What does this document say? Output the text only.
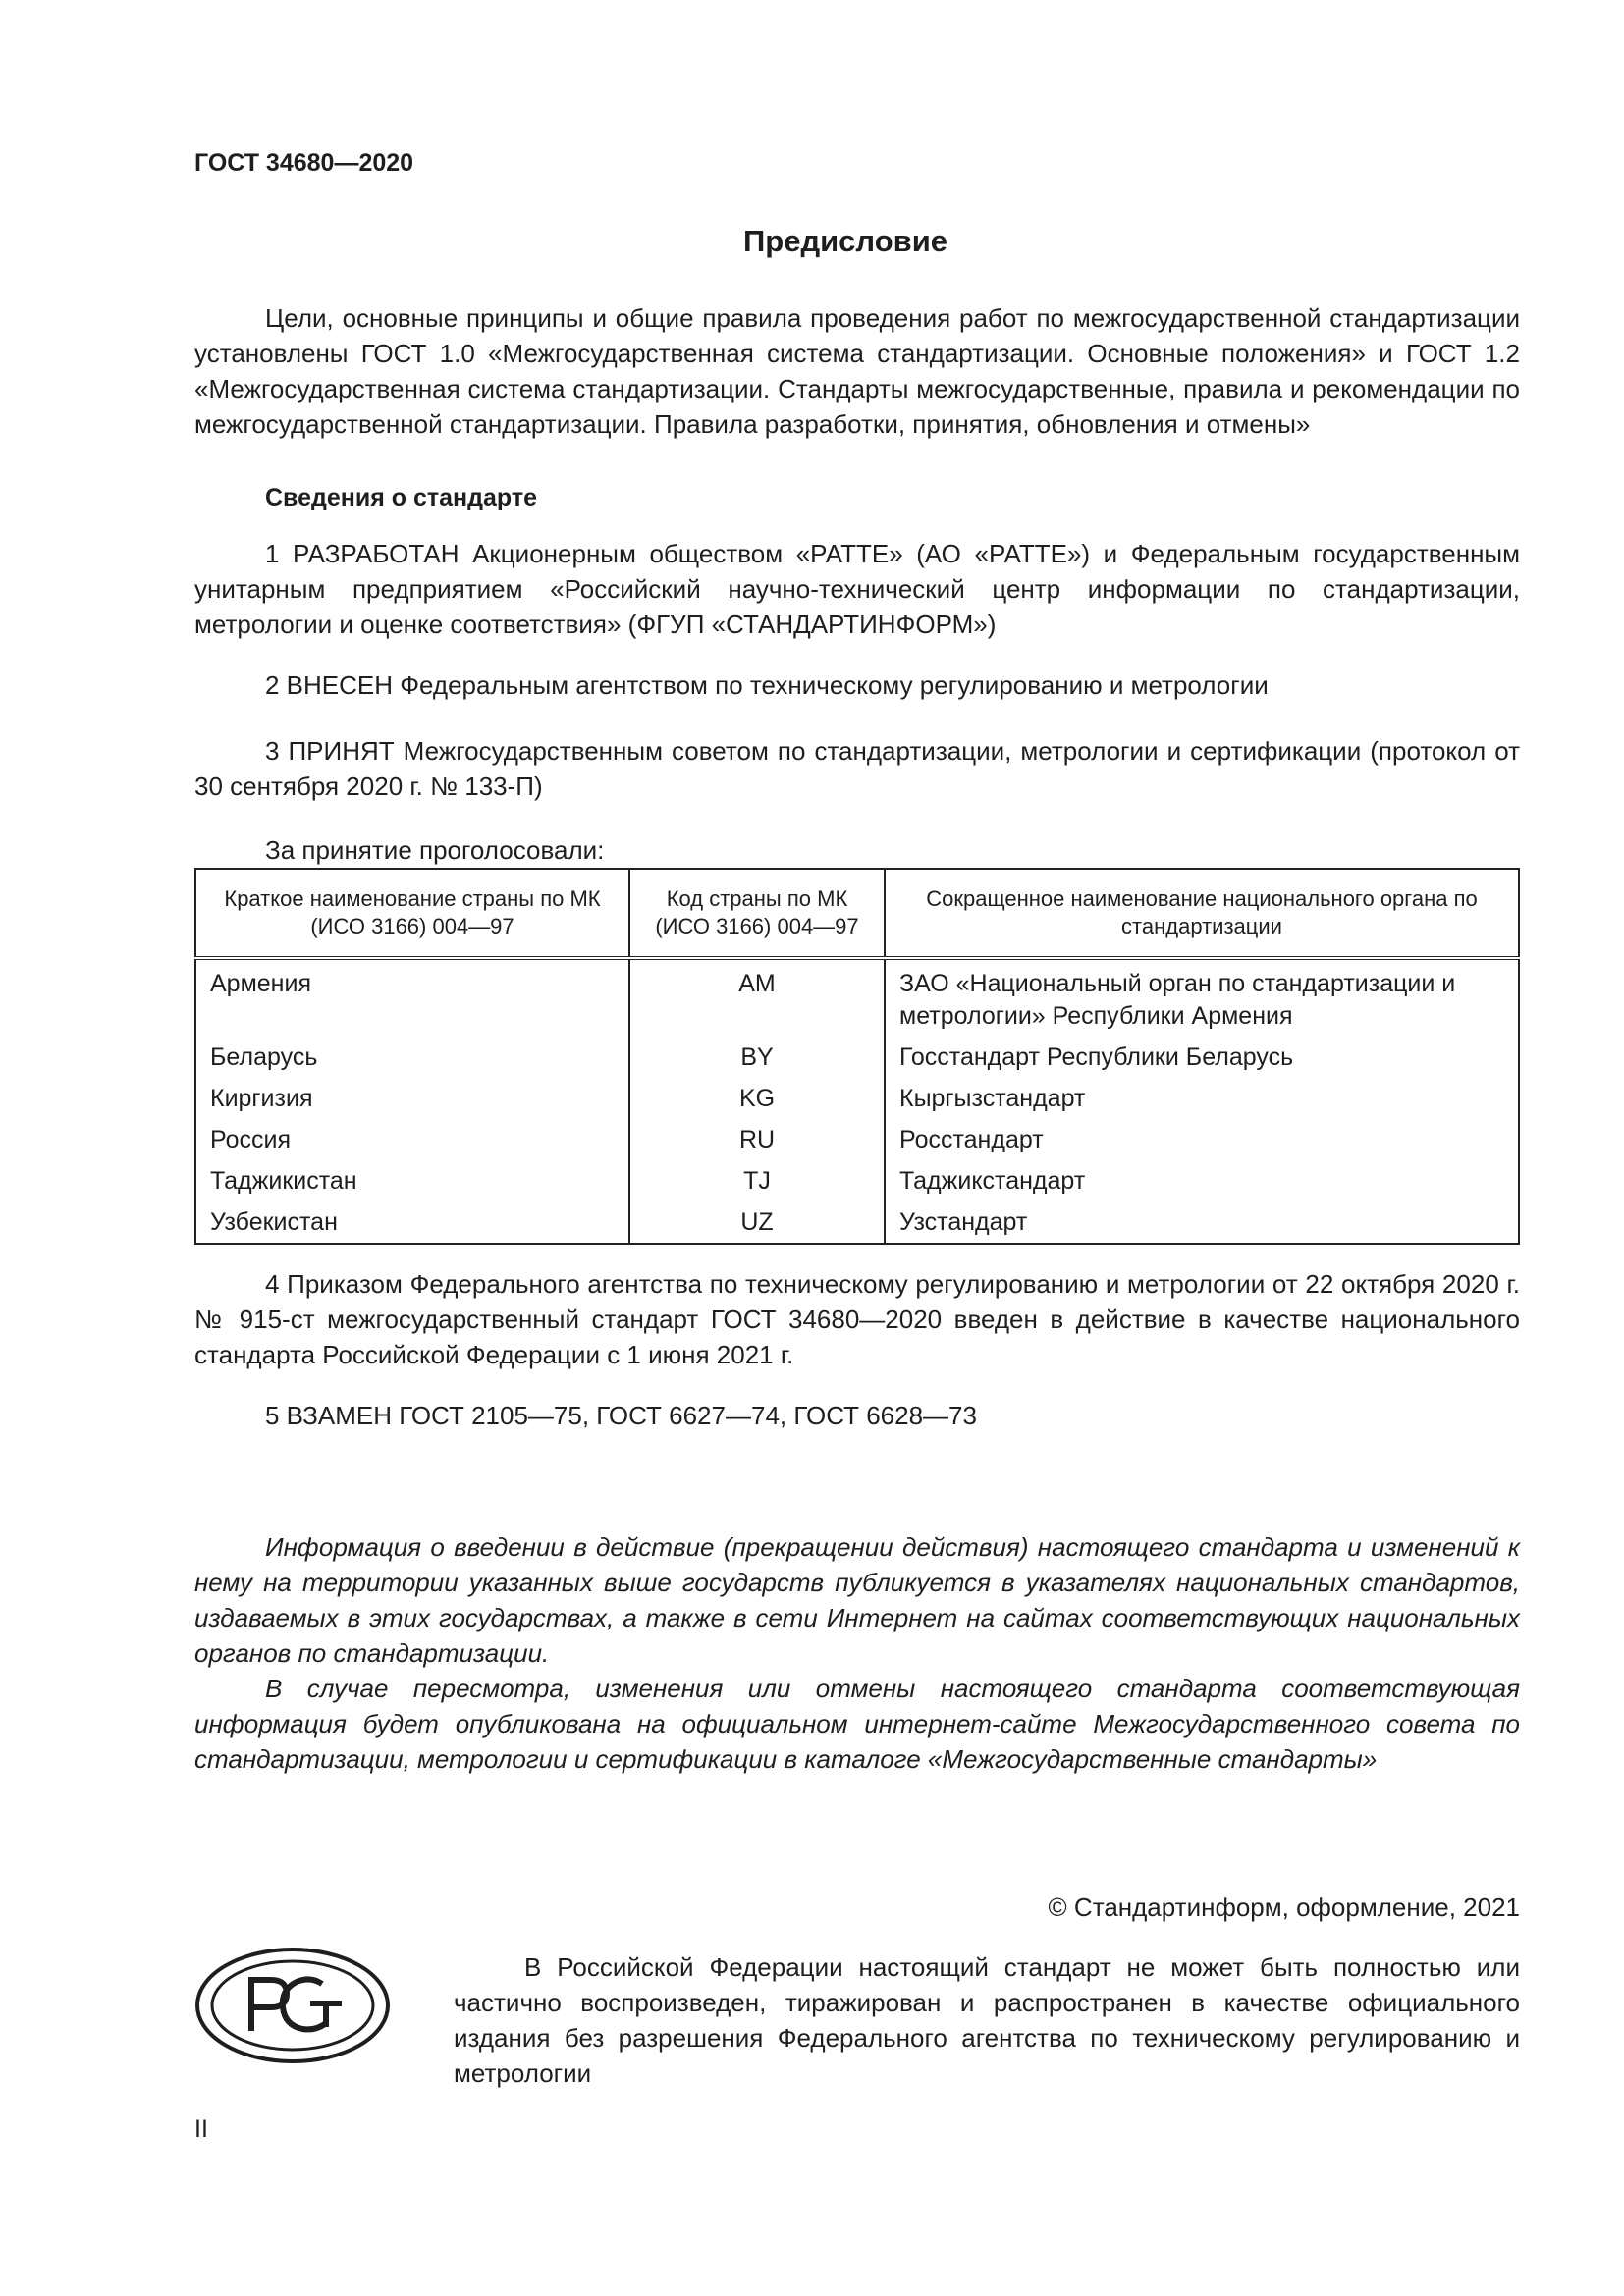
ГОСТ 34680—2020
Предисловие
Цели, основные принципы и общие правила проведения работ по межгосударственной стандартизации установлены ГОСТ 1.0 «Межгосударственная система стандартизации. Основные положения» и ГОСТ 1.2 «Межгосударственная система стандартизации. Стандарты межгосударственные, правила и рекомендации по межгосударственной стандартизации. Правила разработки, принятия, обновления и отмены»
Сведения о стандарте
1 РАЗРАБОТАН Акционерным обществом «РАТТЕ» (АО «РАТТЕ») и Федеральным государственным унитарным предприятием «Российский научно-технический центр информации по стандартизации, метрологии и оценке соответствия» (ФГУП «СТАНДАРТИНФОРМ»)
2 ВНЕСЕН Федеральным агентством по техническому регулированию и метрологии
3 ПРИНЯТ Межгосударственным советом по стандартизации, метрологии и сертификации (протокол от 30 сентября 2020 г. № 133-П)
За принятие проголосовали:
Краткое наименование страны по МК (ИСО 3166) 004—97	Код страны по МК (ИСО 3166) 004—97	Сокращенное наименование национального органа по стандартизации
Армения	AM	ЗАО «Национальный орган по стандартизации и метрологии» Республики Армения
Беларусь	BY	Госстандарт Республики Беларусь
Киргизия	KG	Кыргызстандарт
Россия	RU	Росстандарт
Таджикистан	TJ	Таджикстандарт
Узбекистан	UZ	Узстандарт
4 Приказом Федерального агентства по техническому регулированию и метрологии от 22 октября 2020 г. № 915-ст межгосударственный стандарт ГОСТ 34680—2020 введен в действие в качестве национального стандарта Российской Федерации с 1 июня 2021 г.
5 ВЗАМЕН ГОСТ 2105—75, ГОСТ 6627—74, ГОСТ 6628—73
Информация о введении в действие (прекращении действия) настоящего стандарта и изменений к нему на территории указанных выше государств публикуется в указателях национальных стандартов, издаваемых в этих государствах, а также в сети Интернет на сайтах соответствующих национальных органов по стандартизации.
В случае пересмотра, изменения или отмены настоящего стандарта соответствующая информация будет опубликована на официальном интернет-сайте Межгосударственного совета по стандартизации, метрологии и сертификации в каталоге «Межгосударственные стандарты»
© Стандартинформ, оформление, 2021
В Российской Федерации настоящий стандарт не может быть полностью или частично воспроизведен, тиражирован и распространен в качестве официального издания без разрешения Федерального агентства по техническому регулированию и метрологии
II
